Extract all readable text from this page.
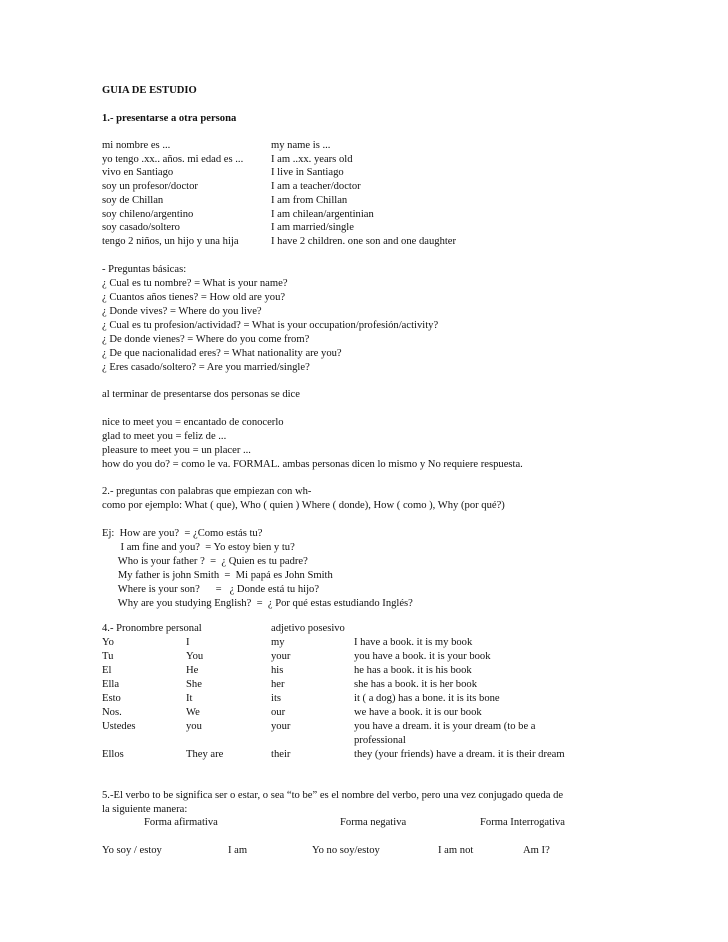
GUIA DE ESTUDIO
1.- presentarse a otra persona
mi nombre es ...	my name is ...
yo tengo .xx.. años. mi edad es ...	I am ..xx. years old
vivo en Santiago	I live in Santiago
soy un profesor/doctor	I am a teacher/doctor
soy de Chillan	I am from Chillan
soy chileno/argentino	I am chilean/argentinian
soy casado/soltero	I am married/single
tengo 2 niños, un hijo y una hija	I have 2 children. one son and one daughter
- Preguntas básicas:
¿ Cual es tu nombre? = What is your name?
¿ Cuantos años tienes? = How old are you?
¿ Donde vives? = Where do you live?
¿ Cual es tu profesion/actividad? = What is your occupation/profesión/activity?
¿ De donde vienes? = Where do you come from?
¿ De que nacionalidad eres? = What nationality are you?
¿ Eres casado/soltero? = Are you married/single?
al terminar de presentarse dos personas se dice
nice to meet you = encantado de conocerlo
glad to meet you = feliz de ...
pleasure to meet you = un placer ...
how do you do? = como le va. FORMAL. ambas personas dicen lo mismo y No requiere respuesta.
2.- preguntas con palabras que empiezan con wh-
como por ejemplo: What ( que), Who ( quien ) Where ( donde), How ( como ), Why (por qué?)
Ej:  How are you?  = ¿Como estás tu?
I am fine and you?  = Yo estoy bien y tu?
Who is your father ?  =  ¿ Quien es tu padre?
My father is john Smith  =  Mi papá es John Smith
Where is your son?      =   ¿ Donde está tu hijo?
Why are you studying English?  =  ¿ Por qué estas estudiando Inglés?
4.- Pronombre personal	adjetivo posesivo
Yo	I	my	I have a book. it is my book
Tu	You	your	you have a book. it is your book
El	He	his	he has a book. it is his book
Ella	She	her	she has a book. it is her book
Esto	It	its	it ( a dog) has a bone. it is its bone
Nos.	We	our	we have a book. it is our book
Ustedes	you	your	you have a dream. it is your dream (to be a
professional
Ellos	They are	their	they (your friends) have a dream. it is their dream
5.-El verbo to be significa ser o estar, o sea “to be” es el nombre del verbo, pero una vez conjugado queda de
la siguiente manera:
Forma afirmativa	Forma negativa	Forma Interrogativa
Yo soy / estoy	I am	Yo no soy/estoy	I am not	Am I?
